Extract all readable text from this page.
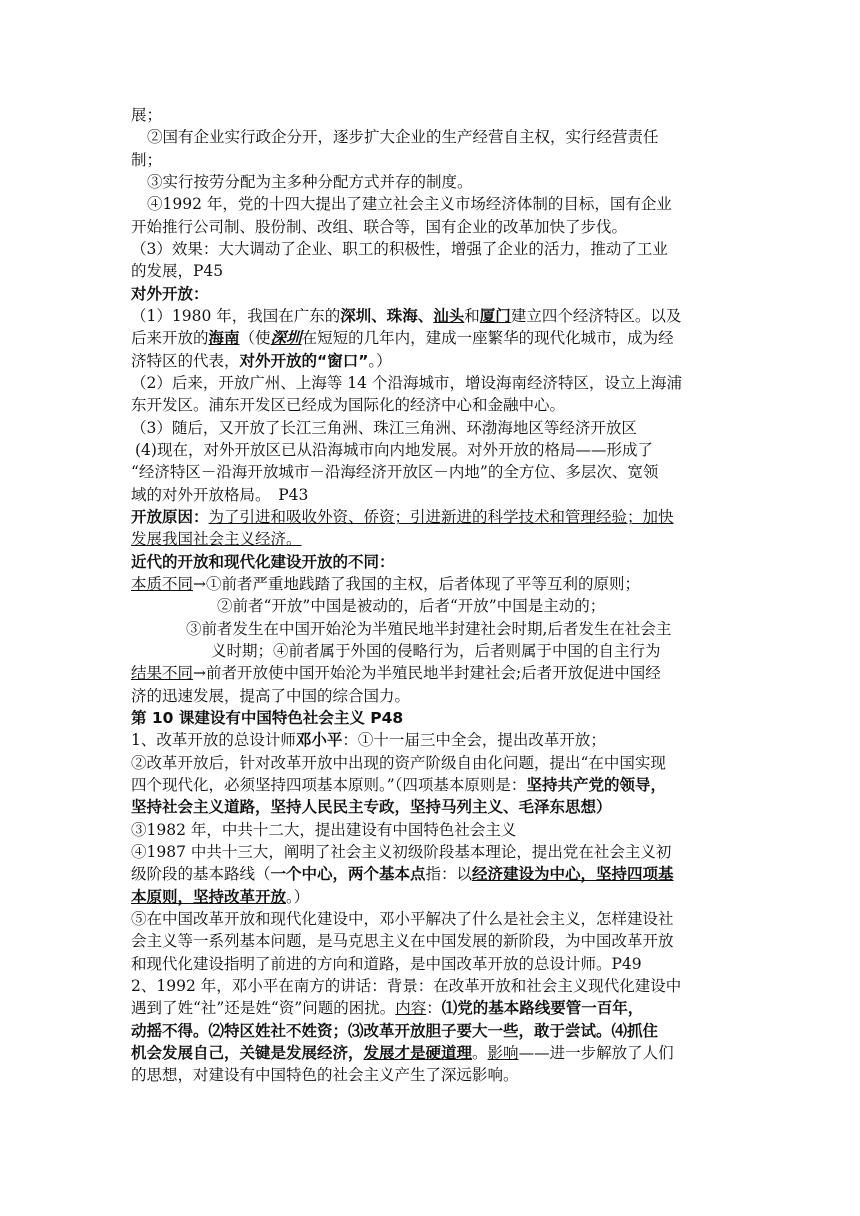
展；
②国有企业实行政企分开，逐步扩大企业的生产经营自主权，实行经营责任
制；
③实行按劳分配为主多种分配方式并存的制度。
④1992 年，党的十四大提出了建立社会主义市场经济体制的目标，国有企业
开始推行公司制、股份制、改组、联合等，国有企业的改革加快了步伐。
（3）效果：大大调动了企业、职工的积极性，增强了企业的活力，推动了工业
的发展，P45
对外开放：
（1）1980 年，我国在广东的深圳、珠海、汕头和厦门建立四个经济特区。以及
后来开放的海南（使深圳在短短的几年内，建成一座繁华的现代化城市，成为经
济特区的代表，对外开放的“窗口”。）
（2）后来，开放广州、上海等 14 个沿海城市，增设海南经济特区，设立上海浦
东开发区。浦东开发区已经成为国际化的经济中心和金融中心。
（3）随后，又开放了长江三角洲、珠江三角洲、环渤海地区等经济开放区
(4)现在，对外开放区已从沿海城市向内地发展。对外开放的格局——形成了
“经济特区－沿海开放城市－沿海经济开放区－内地”的全方位、多层次、宽领
域的对外开放格局。　P43
开放原因：为了引进和吸收外资、侨资；引进新进的科学技术和管理经验；加快
发展我国社会主义经济。
近代的开放和现代化建设开放的不同：
本质不同→①前者严重地践踏了我国的主权，后者体现了平等互利的原则；
②前者“开放”中国是被动的，后者“开放”中国是主动的；
③前者发生在中国开始沦为半殖民地半封建社会时期,后者发生在社会主
义时期；④前者属于外国的侵略行为，后者则属于中国的自主行为
结果不同→前者开放使中国开始沦为半殖民地半封建社会;后者开放促进中国经
济的迅速发展，提高了中国的综合国力。
第 10 课建设有中国特色社会主义 P48
1、改革开放的总设计师邓小平：①十一届三中全会，提出改革开放；
②改革开放后，针对改革开放中出现的资产阶级自由化问题，提出“在中国实现
四个现代化，必须坚持四项基本原则。”（四项基本原则是：坚持共产党的领导，
坚持社会主义道路，坚持人民民主专政，坚持马列主义、毛泽东思想）
③1982 年，中共十二大，提出建设有中国特色社会主义
④1987 中共十三大，阐明了社会主义初级阶段基本理论，提出党在社会主义初
级阶段的基本路线（一个中心，两个基本点指：以经济建设为中心，坚持四项基
本原则，坚持改革开放。）
⑤在中国改革开放和现代化建设中，邓小平解决了什么是社会主义，怎样建设社
会主义等一系列基本问题，是马克思主义在中国发展的新阶段，为中国改革开放
和现代化建设指明了前进的方向和道路，是中国改革开放的总设计师。P49
2、1992 年，邓小平在南方的讲话：背景：在改革开放和社会主义现代化建设中
遇到了姓“社”还是姓“资”问题的困扰。内容：⑴党的基本路线要管一百年，
动摇不得。⑵特区姓社不姓资；⑶改革开放胆子要大一些，敢于尝试。⑷抓住
机会发展自己，关键是发展经济，发展才是硬道理。影响——进一步解放了人们
的思想，对建设有中国特色的社会主义产生了深远影响。
